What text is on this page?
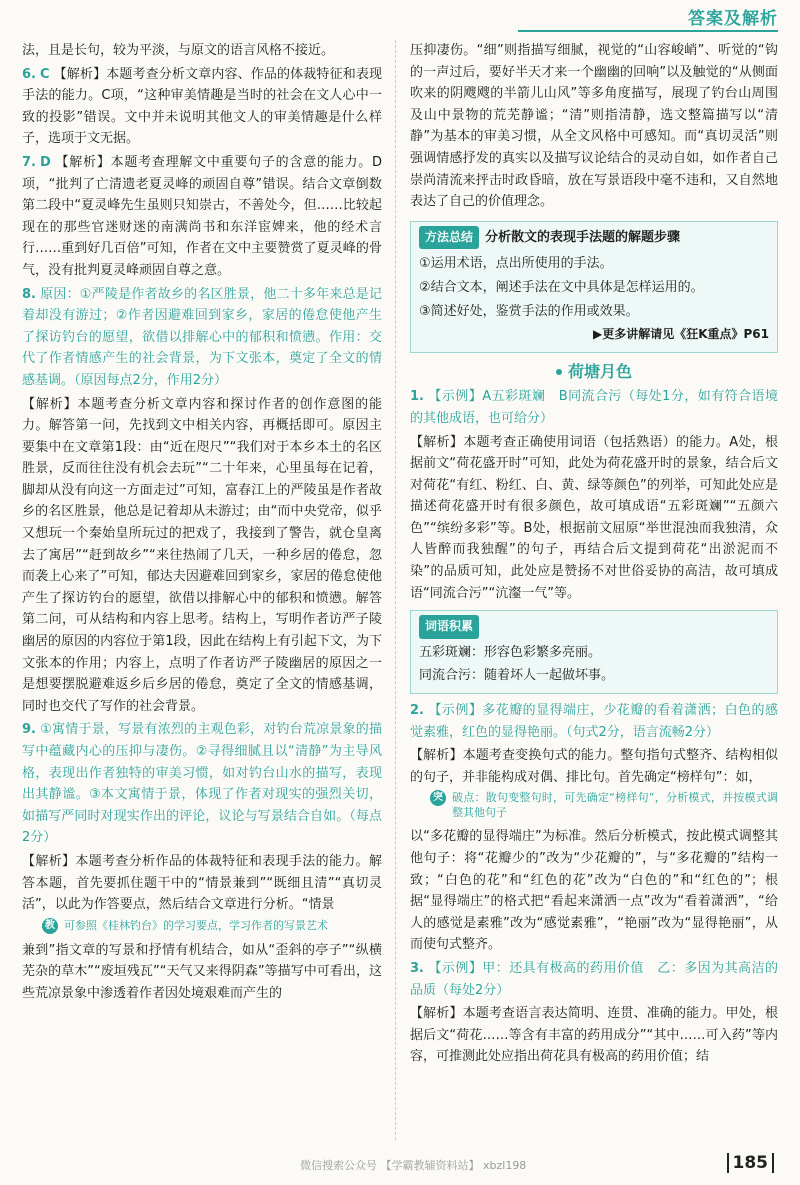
答案及解析

法，且是长句，较为平淡，与原文的语言风格不接近。

6. C 【解析】本题考查分析文章内容、作品的体裁特征和表现手法的能力。C项，“这种审美情趣是当时的社会在文人心中一致的投影”错误。文中并未说明其他文人的审美情趣是什么样子，选项于文无据。

7. D 【解析】本题考查理解文中重要句子的含意的能力。D项，“批判了亡清遗老夏灵峰的顽固自尊”错误。结合文章倒数第二段中“夏灵峰先生虽则只知崇古，不善处今，但……比较起现在的那些官迷财迷的南满尚书和东洋宦婢来，他的经术言行……重到好几百倍”可知，作者在文中主要赞赏了夏灵峰的骨气，没有批判夏灵峰顽固自尊之意。

8. 原因：①严陵是作者故乡的名区胜景，他二十多年来总是记着却没有游过；②作者因避难回到家乡，家居的倦怠使他产生了探访钓台的愿望，欲借以排解心中的郁积和愤懑。作用：交代了作者情感产生的社会背景，为下文张本，奠定了全文的情感基调。（原因每点2分，作用2分）

【解析】本题考查分析文章内容和探讨作者的创作意图的能力。解答第一问，先找到文中相关内容，再概括即可。原因主要集中在文章第1段：由“近在咫尺”“我们对于本乡本土的名区胜景，反而往往没有机会去玩”“二十年来，心里虽每在记着，脚却从没有向这一方面走过”可知，富春江上的严陵虽是作者故乡的名区胜景，他总是记着却从未游过；由“而中央党帝，似乎又想玩一个秦始皇所玩过的把戏了，我接到了警告，就仓皇离去了寓居”“赶到故乡”“来往热闹了几天，一种乡居的倦怠，忽而袭上心来了”可知，郁达夫因避难回到家乡，家居的倦怠使他产生了探访钓台的愿望，欲借以排解心中的郁积和愤懑。解答第二问，可从结构和内容上思考。结构上，写明作者访严子陵幽居的原因的内容位于第1段，因此在结构上有引起下文，为下文张本的作用；内容上，点明了作者访严子陵幽居的原因之一是想要摆脱避难返乡后乡居的倦怠，奠定了全文的情感基调，同时也交代了写作的社会背景。

9. ①寓情于景，写景有浓烈的主观色彩，对钓台荒凉景象的描写中蕴藏内心的压抑与凄伤。②寻得细腻且以“清静”为主导风格，表现出作者独特的审美习惯，如对钓台山水的描写，表现出其静谧。③本文寓情于景，体现了作者对现实的强烈关切，如描写严同时对现实作出的评论，议论与写景结合自如。（每点2分）

【解析】本题考查分析作品的体裁特征和表现手法的能力。解答本题，首先要抓住题干中的“情景兼到”“既细且清”“真切灵活”，以此为作答要点，然后结合文章进行分析。“情景

教 可参照《桂林钓台》的学习要点，学习作者的写景艺术

兼到”指文章的写景和抒情有机结合，如从“歪斜的亭子”“纵横芜杂的草木”“废垣残瓦”“天气又来得阴森”等描写中可看出，这些荒凉景象中渗透着作者因处境艰难而产生的

压抑凄伤。“细”则指描写细腻，视觉的“山容峻峭”、听觉的“钩的一声过后，要好半天才来一个幽幽的回响”以及触觉的“从侧面吹来的阴飕飕的半箭儿山风”等多角度描写，展现了钓台山周围及山中景物的荒芜静谧；“清”则指清静，选文整篇描写以“清静”为基本的审美习惯，从全文风格中可感知。而“真切灵活”则强调情感抒发的真实以及描写议论结合的灵动自如，如作者自己崇尚清流来抨击时政昏暗，放在写景语段中毫不违和，又自然地表达了自己的价值理念。

方法总结 分析散文的表现手法题的解题步骤

①运用术语，点出所使用的手法。

②结合文本，阐述手法在文中具体是怎样运用的。

③简述好处，鉴赏手法的作用或效果。

▶更多讲解请见《狂K重点》P61
荷塘月色

1. 【示例】A五彩斑斓　B同流合污（每处1分，如有符合语境的其他成语，也可给分）

【解析】本题考查正确使用词语（包括熟语）的能力。A处，根据前文“荷花盛开时”可知，此处为荷花盛开时的景象，结合后文对荷花“有红、粉红、白、黄、绿等颜色”的列举，可知此处应是描述荷花盛开时有很多颜色，故可填成语“五彩斑斓”“五颜六色”“缤纷多彩”等。B处，根据前文屈原“举世混浊而我独清，众人皆醉而我独醒”的句子，再结合后文提到荷花“出淤泥而不染”的品质可知，此处应是赞扬不对世俗妥协的高洁，故可填成语“同流合污”“沆瀣一气”等。

词语积累

五彩斑斓：形容色彩繁多亮丽。

同流合污：随着坏人一起做坏事。

2. 【示例】多花瓣的显得端庄，少花瓣的看着潇洒；白色的感觉素雅，红色的显得艳丽。（句式2分，语言流畅2分）

【解析】本题考查变换句式的能力。整句指句式整齐、结构相似的句子，并非能构成对偶、排比句。首先确定“榜样句”：如，

突 破点：散句变整句时，可先确定“榜样句”，分析模式，并按模式调整其他句子

以“多花瓣的显得端庄”为标准。然后分析模式，按此模式调整其他句子：将“花瓣少的”改为“少花瓣的”，与“多花瓣的”结构一致；“白色的花”和“红色的花”改为“白色的”和“红色的”；根据“显得端庄”的格式把“看起来潇洒一点”改为“看着潇洒”，“给人的感觉是素雅”改为“感觉素雅”，“艳丽”改为“显得艳丽”，从而使句式整齐。

3. 【示例】甲：还具有极高的药用价值　乙：多因为其高洁的品质（每处2分）

【解析】本题考查语言表达简明、连贯、准确的能力。甲处，根据后文“荷花……等含有丰富的药用成分”“其中……可入药”等内容，可推测此处应指出荷花具有极高的药用价值；结

微信搜索公众号 【学霸教辅资料站】 xbzl198	185
